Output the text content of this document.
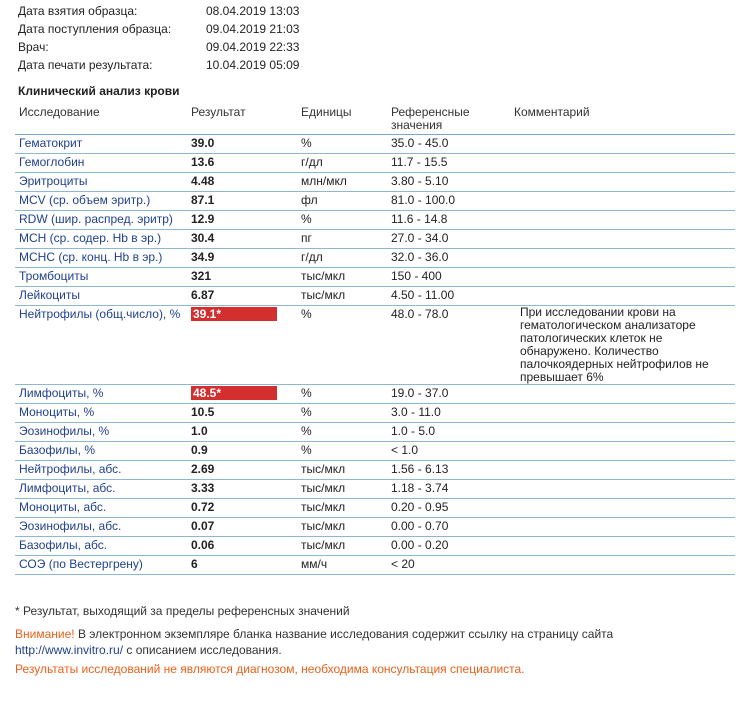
Дата взятия образца:	08.04.2019 13:03
Дата поступления образца:	09.04.2019 21:03
Врач:	09.04.2019 22:33
Дата печати результата:	10.04.2019 05:09
Клинический анализ крови
Исследование	Результат	Единицы	Референсные значения	Комментарий
Гематокрит	39.0	%	35.0 - 45.0	
Гемоглобин	13.6	г/дл	11.7 - 15.5	
Эритроциты	4.48	млн/мкл	3.80 - 5.10	
MCV (ср. объем эритр.)	87.1	фл	81.0 - 100.0	
RDW (шир. распред. эритр)	12.9	%	11.6 - 14.8	
MCH (ср. содер. Hb в эр.)	30.4	пг	27.0 - 34.0	
MCHC (ср. конц. Hb в эр.)	34.9	г/дл	32.0 - 36.0	
Тромбоциты	321	тыс/мкл	150 - 400	
Лейкоциты	6.87	тыс/мкл	4.50 - 11.00	
Нейтрофилы (общ.число), %	39.1*	%	48.0 - 78.0	При исследовании крови на гематологическом анализаторе патологических клеток не обнаружено. Количество палочкоядерных нейтрофилов не превышает 6%
Лимфоциты, %	48.5*	%	19.0 - 37.0	
Моноциты, %	10.5	%	3.0 - 11.0	
Эозинофилы, %	1.0	%	1.0 - 5.0	
Базофилы, %	0.9	%	< 1.0	
Нейтрофилы, абс.	2.69	тыс/мкл	1.56 - 6.13	
Лимфоциты, абс.	3.33	тыс/мкл	1.18 - 3.74	
Моноциты, абс.	0.72	тыс/мкл	0.20 - 0.95	
Эозинофилы, абс.	0.07	тыс/мкл	0.00 - 0.70	
Базофилы, абс.	0.06	тыс/мкл	0.00 - 0.20	
СОЭ (по Вестергрену)	6	мм/ч	< 20	
* Результат, выходящий за пределы референсных значений
Внимание! В электронном экземпляре бланка название исследования содержит ссылку на страницу сайта
http://www.invitro.ru/ с описанием исследования.
Результаты исследований не являются диагнозом, необходима консультация специалиста.
